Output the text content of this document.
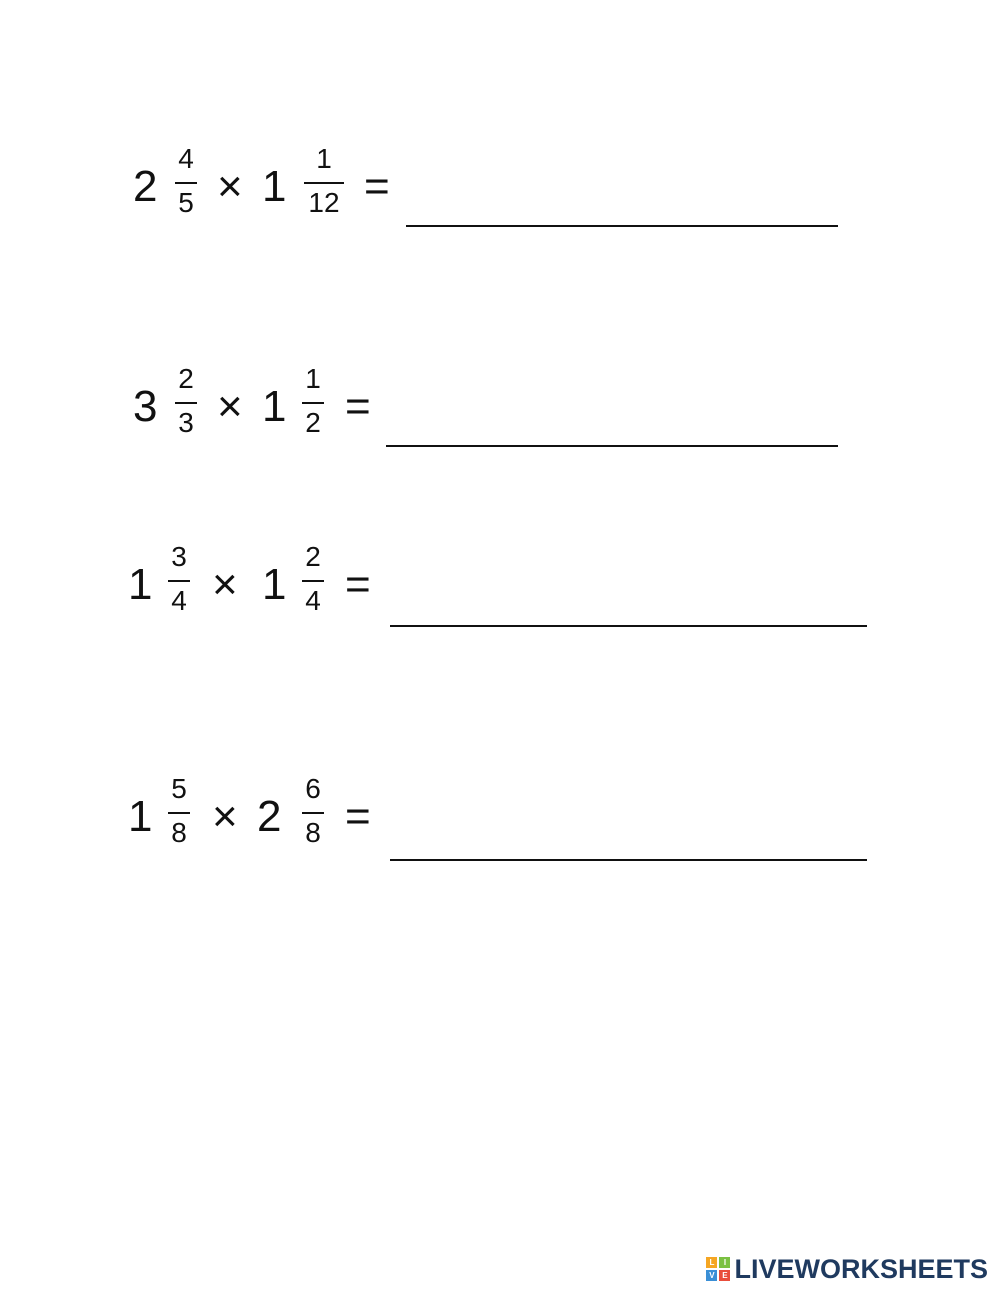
2
4
5 × 1
1
12 =
3
2
3 × 1
1
2 =
1
3
4 × 1
2
4 =
1
5
8 × 2
6
8 =
L	I
V E LIVEWORKSHEETS
